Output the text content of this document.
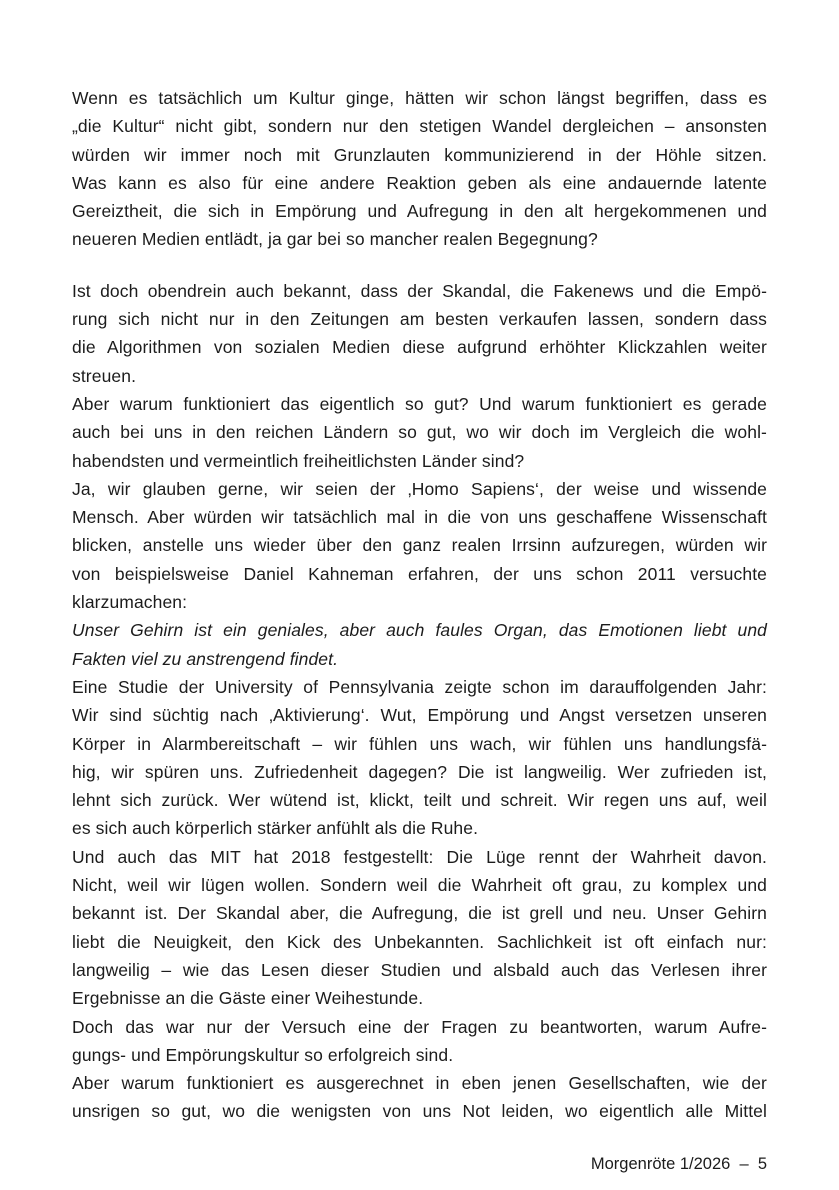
Wenn es tatsächlich um Kultur ginge, hätten wir schon längst begriffen, dass es
„die Kultur“ nicht gibt, sondern nur den stetigen Wandel dergleichen – ansonsten
würden wir immer noch mit Grunzlauten kommunizierend in der Höhle sitzen.
Was kann es also für eine andere Reaktion geben als eine andauernde latente
Gereiztheit, die sich in Empörung und Aufregung in den alt hergekommenen und
neueren Medien entlädt, ja gar bei so mancher realen Begegnung?
Ist doch obendrein auch bekannt, dass der Skandal, die Fakenews und die Empö-
rung sich nicht nur in den Zeitungen am besten verkaufen lassen, sondern dass
die Algorithmen von sozialen Medien diese aufgrund erhöhter Klickzahlen weiter
streuen.
Aber warum funktioniert das eigentlich so gut? Und warum funktioniert es gerade
auch bei uns in den reichen Ländern so gut, wo wir doch im Vergleich die wohl-
habendsten und vermeintlich freiheitlichsten Länder sind?
Ja, wir glauben gerne, wir seien der ‚Homo Sapiens‘, der weise und wissende
Mensch. Aber würden wir tatsächlich mal in die von uns geschaffene Wissenschaft
blicken, anstelle uns wieder über den ganz realen Irrsinn aufzuregen, würden wir
von beispielsweise Daniel Kahneman erfahren, der uns schon 2011 versuchte
klarzumachen:
Unser Gehirn ist ein geniales, aber auch faules Organ, das Emotionen liebt und
Fakten viel zu anstrengend findet.
Eine Studie der University of Pennsylvania zeigte schon im darauffolgenden Jahr:
Wir sind süchtig nach ‚Aktivierung‘. Wut, Empörung und Angst versetzen unseren
Körper in Alarmbereitschaft – wir fühlen uns wach, wir fühlen uns handlungsfä-
hig, wir spüren uns. Zufriedenheit dagegen? Die ist langweilig. Wer zufrieden ist,
lehnt sich zurück. Wer wütend ist, klickt, teilt und schreit. Wir regen uns auf, weil
es sich auch körperlich stärker anfühlt als die Ruhe.
Und auch das MIT hat 2018 festgestellt: Die Lüge rennt der Wahrheit davon.
Nicht, weil wir lügen wollen. Sondern weil die Wahrheit oft grau, zu komplex und
bekannt ist. Der Skandal aber, die Aufregung, die ist grell und neu. Unser Gehirn
liebt die Neuigkeit, den Kick des Unbekannten. Sachlichkeit ist oft einfach nur:
langweilig – wie das Lesen dieser Studien und alsbald auch das Verlesen ihrer
Ergebnisse an die Gäste einer Weihestunde.
Doch das war nur der Versuch eine der Fragen zu beantworten, warum Aufre-
gungs- und Empörungskultur so erfolgreich sind.
Aber warum funktioniert es ausgerechnet in eben jenen Gesellschaften, wie der
unsrigen so gut, wo die wenigsten von uns Not leiden, wo eigentlich alle Mittel

Morgenröte 1/2026  –  5
